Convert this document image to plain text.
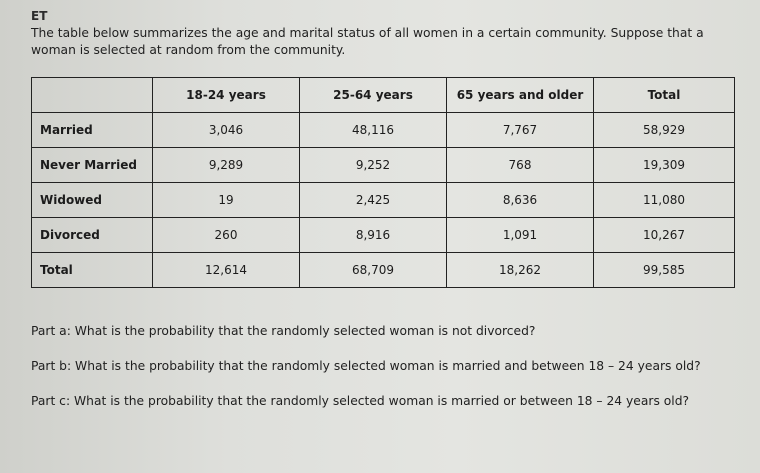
ET
The table below summarizes the age and marital status of all women in a certain community. Suppose that a woman is selected at random from the community.
	18-24 years	25-64 years	65 years and older	Total
Married	3,046	48,116	7,767	58,929
Never Married	9,289	9,252	768	19,309
Widowed	19	2,425	8,636	11,080
Divorced	260	8,916	1,091	10,267
Total	12,614	68,709	18,262	99,585

Part a: What is the probability that the randomly selected woman is not divorced?

Part b: What is the probability that the randomly selected woman is married and between 18 – 24 years old?

Part c: What is the probability that the randomly selected woman is married or between 18 – 24 years old?
